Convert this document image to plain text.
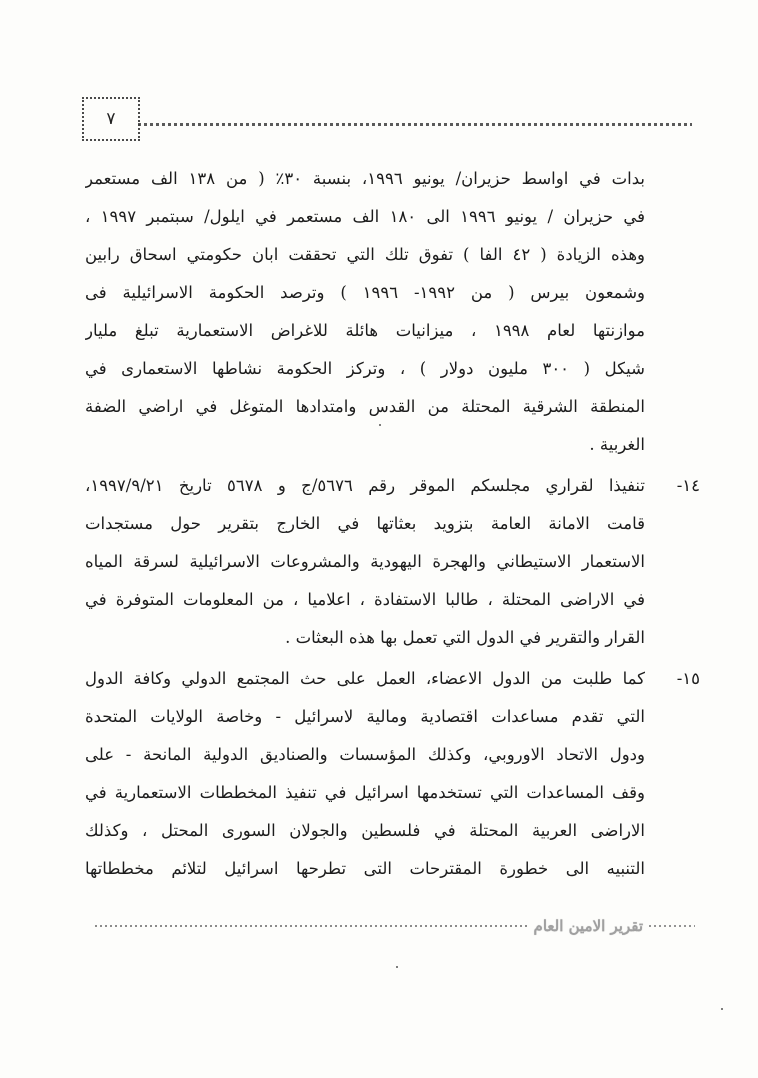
٧
بدات في اواسط حزيران/ يونيو ١٩٩٦، بنسبة ٣٠٪ ( من ١٣٨ الف مستعمر
في حزيران / يونيو ١٩٩٦ الى ١٨٠ الف مستعمر في ايلول/ سبتمبر ١٩٩٧ ،
وهذه الزيادة ( ٤٢ الفا ) تفوق تلك التي تحققت ابان حكومتي اسحاق رابين
وشمعون بيرس ( من ١٩٩٢- ١٩٩٦ ) وترصد الحكومة الاسرائيلية فى
موازنتها لعام ١٩٩٨ ، ميزانيات هائلة للاغراض الاستعمارية تبلغ مليار
شيكل ( ٣٠٠ مليون دولار ) ، وتركز الحكومة نشاطها الاستعمارى في
المنطقة الشرقية المحتلة من القدس وامتدادها المتوغل في اراضي الضفة
الغربية .
١٤-
تنفيذا لقراري مجلسكم الموقر رقم ٥٦٧٦/ج و ٥٦٧٨ تاريخ ١٩٩٧/٩/٢١،
قامت الامانة العامة بتزويد بعثاتها في الخارج بتقرير حول مستجدات
الاستعمار الاستيطاني والهجرة اليهودية والمشروعات الاسرائيلية لسرقة المياه
في الاراضى المحتلة ، طالبا الاستفادة ، اعلاميا ، من المعلومات المتوفرة في
القرار والتقرير في الدول التي تعمل بها هذه البعثات .
١٥-
كما طلبت من الدول الاعضاء، العمل على حث المجتمع الدولي وكافة الدول
التي تقدم مساعدات اقتصادية ومالية لاسرائيل - وخاصة الولايات المتحدة
ودول الاتحاد الاوروبي، وكذلك المؤسسات والصناديق الدولية المانحة - على
وقف المساعدات التي تستخدمها اسرائيل في تنفيذ المخططات الاستعمارية في
الاراضى العربية المحتلة في فلسطين والجولان السورى المحتل ، وكذلك
التنبيه الى خطورة المقترحات التى تطرحها اسرائيل لتلائم مخططاتها
تقرير الامين العام
